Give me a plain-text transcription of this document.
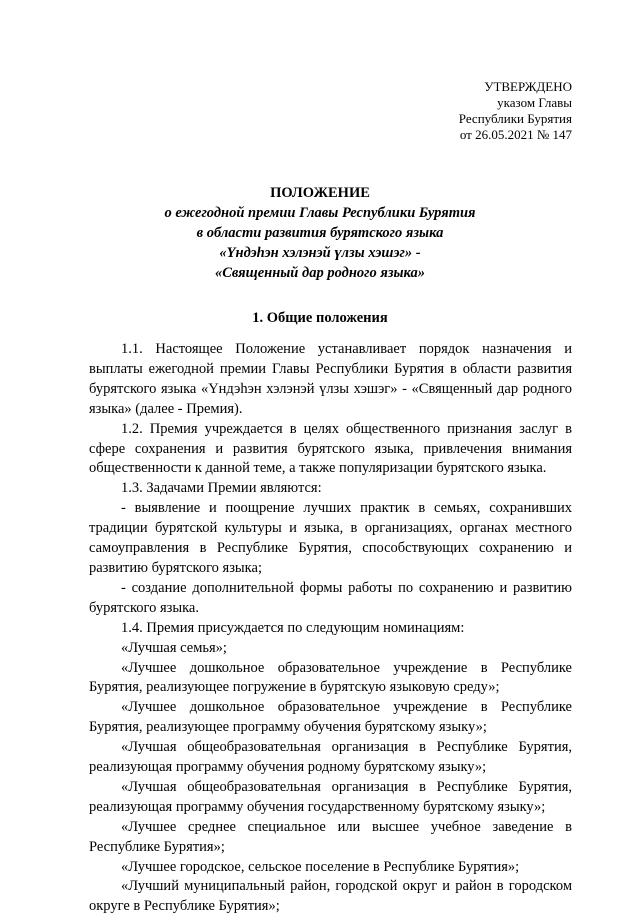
УТВЕРЖДЕНО
указом Главы
Республики Бурятия
от 26.05.2021 № 147
ПОЛОЖЕНИЕ
о ежегодной премии Главы Республики Бурятия
в области развития бурятского языка
«Үндэһэн хэлэнэй үлзы хэшэг» -
«Священный дар родного языка»
1. Общие положения

1.1. Настоящее Положение устанавливает порядок назначения и выплаты ежегодной премии Главы Республики Бурятия в области развития бурятского языка «Үндэһэн хэлэнэй үлзы хэшэг» - «Священный дар родного языка» (далее - Премия).

1.2. Премия учреждается в целях общественного признания заслуг в сфере сохранения и развития бурятского языка, привлечения внимания общественности к данной теме, а также популяризации бурятского языка.

1.3. Задачами Премии являются:

- выявление и поощрение лучших практик в семьях, сохранивших традиции бурятской культуры и языка, в организациях, органах местного самоуправления в Республике Бурятия, способствующих сохранению и развитию бурятского языка;

- создание дополнительной формы работы по сохранению и развитию бурятского языка.

1.4. Премия присуждается по следующим номинациям:

«Лучшая семья»;

«Лучшее дошкольное образовательное учреждение в Республике Бурятия, реализующее погружение в бурятскую языковую среду»;

«Лучшее дошкольное образовательное учреждение в Республике Бурятия, реализующее программу обучения бурятскому языку»;

«Лучшая общеобразовательная организация в Республике Бурятия, реализующая программу обучения родному бурятскому языку»;

«Лучшая общеобразовательная организация в Республике Бурятия, реализующая программу обучения государственному бурятскому языку»;

«Лучшее среднее специальное или высшее учебное заведение в Республике Бурятия»;

«Лучшее городское, сельское поселение в Республике Бурятия»;

«Лучший муниципальный район, городской округ и район в городском округе в Республике Бурятия»;
